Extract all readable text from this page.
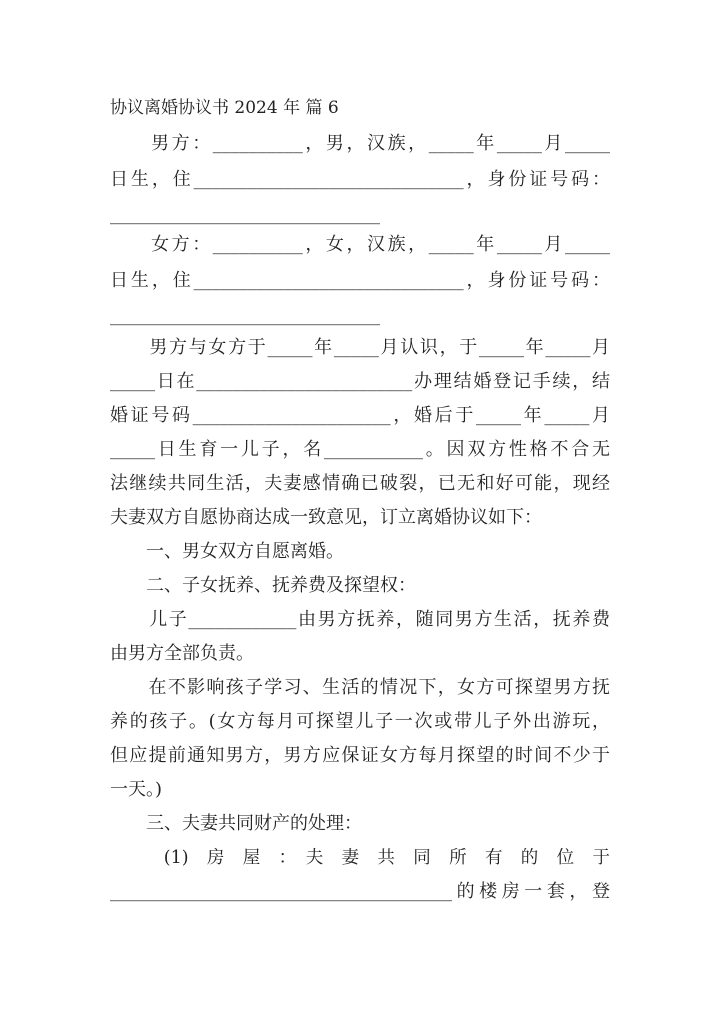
协议离婚协议书 2024 年 篇 6

　　男方：__________，男，汉族，_____年_____月_____

日生，住______________________________，身份证号码：

______________________________

　　女方：__________，女，汉族，_____年_____月_____

日生，住______________________________，身份证号码：

______________________________

　　男方与女方于_____年_____月认识，于_____年_____月

_____日在________________________办理结婚登记手续，结

婚证号码______________________，婚后于_____年_____月

_____日生育一儿子，名___________。因双方性格不合无

法继续共同生活，夫妻感情确已破裂，已无和好可能，现经

夫妻双方自愿协商达成一致意见，订立离婚协议如下：

　　一、男女双方自愿离婚。

　　二、子女抚养、抚养费及探望权：

　　儿子____________由男方抚养，随同男方生活，抚养费

由男方全部负责。

　　在不影响孩子学习、生活的情况下，女方可探望男方抚

养的孩子。(女方每月可探望儿子一次或带儿子外出游玩，

但应提前通知男方，男方应保证女方每月探望的时间不少于

一天。)

　　三、夫妻共同财产的处理：

　　　(1)　房　屋　：　夫　妻　共　同　所　有　的　位　于

______________________________________的楼房一套，登
